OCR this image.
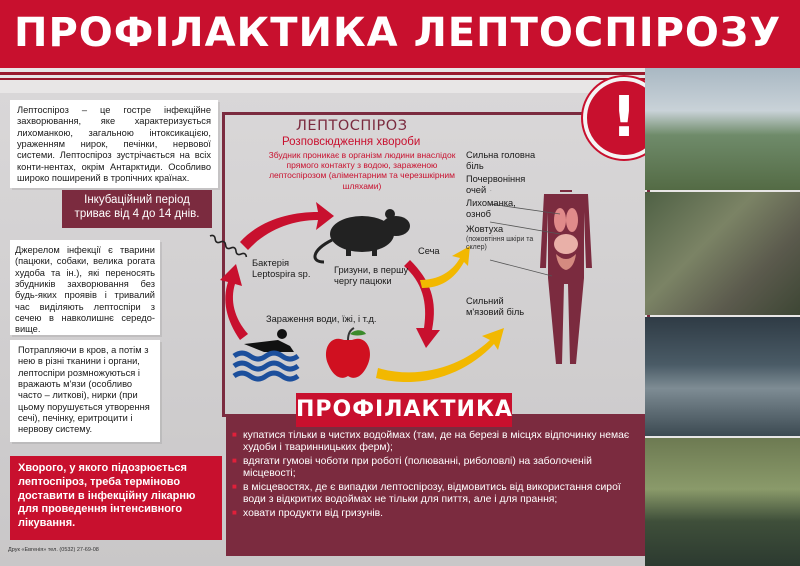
ПРОФІЛАКТИКА ЛЕПТОСПІРОЗУ
Лептоспіроз – це гостре інфекційне захворювання, яке характеризується лихоманкою, загальною інтоксикацією, ураженням нирок, печінки, нервової системи. Лептоспіроз зустрічається на всіх конти-нентах, окрім Антарктиди. Особливо широко поширений в тропічних країнах.
Інкубаційний період триває від 4 до 14 днів.
Джерелом інфекції є тварини (пацюки, собаки, велика рогата худоба та ін.), які переносять збудників захворювання без будь-яких проявів і тривалий час виділяють лептоспіри з сечею в навколишнє середо-вище.
Потрапляючи в кров, а потім з нею в різні тканини і органи, лептоспіри розмножуються і вражають м'язи (особливо часто – литкові), нирки (при цьому порушується утворення сечі), печінку, еритроцити і нервову систему.
Хворого, у якого підозрюється лептоспіроз, треба терміново доставити в інфекційну лікарню для проведення інтенсивного лікування.
ЛЕПТОСПІРОЗ
Розповсюдження хвороби
Збудник проникає в організм людини внаслідок прямого контакту з водою, зараженою лептоспірозом (аліментарним та черезшкірним шляхами)
Бактерія Leptospira sp.	Гризуни, в першу чергу пацюки
Сеча
Зараження води, їжі, і т.д.
Сильна головна біль
Почервоніння очей
Лихоманка, озноб
Жовтуха
(пожовтіння шкіри та склер)
Сильний м'язовий біль
!
ПРОФІЛАКТИКА
■ купатися тільки в чистих водоймах (там, де на березі в місцях відпочинку немає худоби і тваринницьких ферм);
■ вдягати гумові чоботи при роботі (полюванні, риболовлі) на заболоченій місцевості;
■ в місцевостях, де є випадки лептоспірозу, відмовитись від використання сирої води з відкритих водоймах не тільки для пиття, але і для прання;
■ ховати продукти від гризунів.
Друк «Евгенія» тел. (0532) 27-69-08
